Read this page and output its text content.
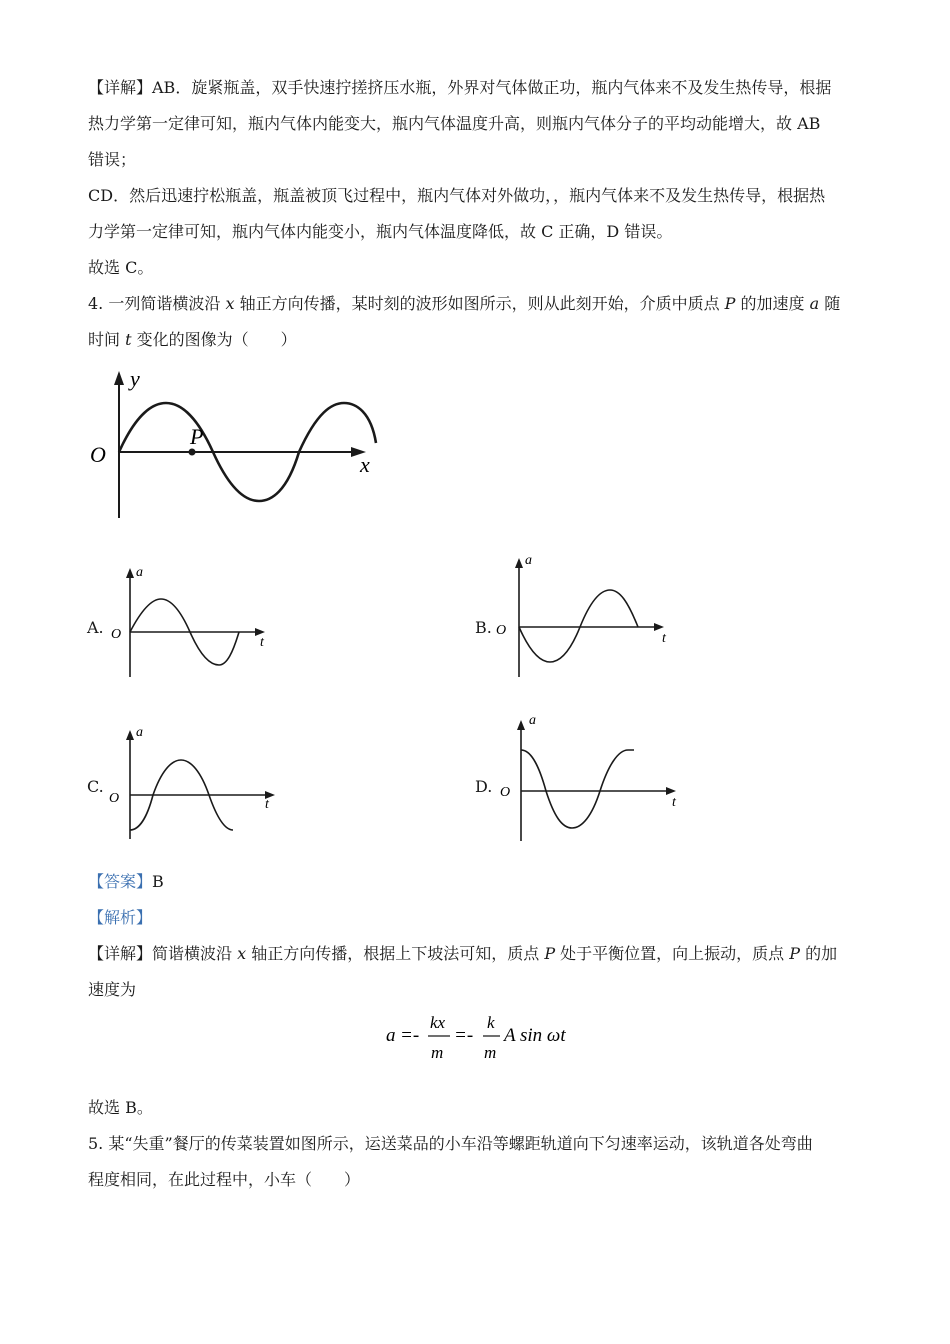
【详解】AB．旋紧瓶盖，双手快速拧搓挤压水瓶，外界对气体做正功，瓶内气体来不及发生热传导，根据

热力学第一定律可知，瓶内气体内能变大，瓶内气体温度升高，则瓶内气体分子的平均动能增大，故 AB

错误；

CD．然后迅速拧松瓶盖，瓶盖被顶飞过程中，瓶内气体对外做功，，瓶内气体来不及发生热传导，根据热

力学第一定律可知，瓶内气体内能变小，瓶内气体温度降低，故 C 正确，D 错误。

故选 C。

4. 一列简谐横波沿 x 轴正方向传播，某时刻的波形如图所示，则从此刻开始，介质中质点 P 的加速度 a 随

时间 t 变化的图像为（　　）

y
x
O
P
A.
a
t
O	B.
a
t
O
C.
a
t
O
D.
a
t
O

【答案】B

【解析】

【详解】简谐横波沿 x 轴正方向传播，根据上下坡法可知，质点 P 处于平衡位置，向上振动，质点 P 的加

速度为

a =-
kx
m
=-
k
m
A sin ωt

故选 B。

5. 某“失重”餐厅的传菜装置如图所示，运送菜品的小车沿等螺距轨道向下匀速率运动，该轨道各处弯曲

程度相同，在此过程中，小车（　　）
